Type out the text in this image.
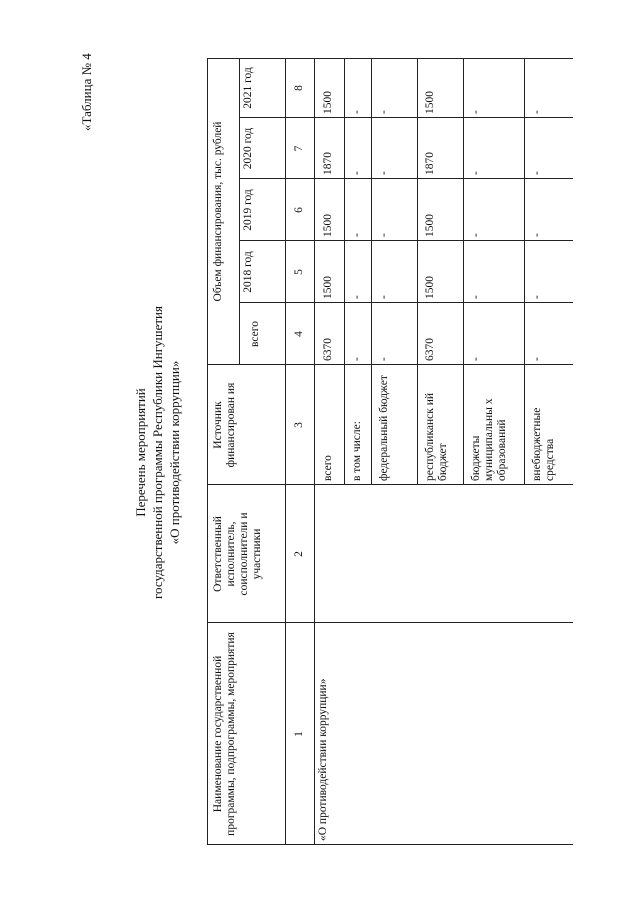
«Таблица № 4
Перечень мероприятий государственной программы Республики Ингушетия «О противодействии коррупции»
Наименование государственной программы, подпрограммы, мероприятия
Ответственный исполнитель, соисполнители и участники
Источник финансирован ия
Объем финансирования, тыс. рублей
всего
2018 год
2019 год
2020 год
2021 год
1
2
3
4
5
6
7
8
«О противодействии коррупции»
всего
6370
1500
1500
1870
1500
в том числе:
-
-
-
-
-
федеральный бюджет
-
-
-
-
-
республиканск ий бюджет
6370
1500
1500
1870
1500
бюджеты муниципальны х образований
-
-
-
-
-
внебюджетные средства
-
-
-
-
-
